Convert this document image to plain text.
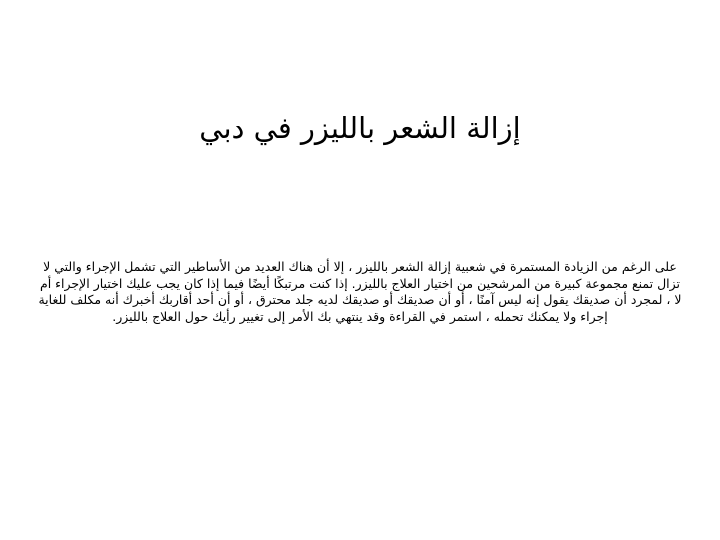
إزالة الشعر بالليزر في دبي

على الرغم من الزيادة المستمرة في شعبية إزالة الشعر بالليزر ، إلا أن هناك العديد من الأساطير التي تشمل الإجراء والتي لا تزال تمنع مجموعة كبيرة من المرشحين من اختيار العلاج بالليزر. إذا كنت مرتبكًا أيضًا فيما إذا كان يجب عليك اختيار الإجراء أم لا ، لمجرد أن صديقك يقول إنه ليس آمنًا ، أو أن صديقك أو صديقك لديه جلد محترق ، أو أن أحد أقاربك أخبرك أنه مكلف للغاية إجراء ولا يمكنك تحمله ، استمر في القراءة وقد ينتهي بك الأمر إلى تغيير رأيك حول العلاج بالليزر.
